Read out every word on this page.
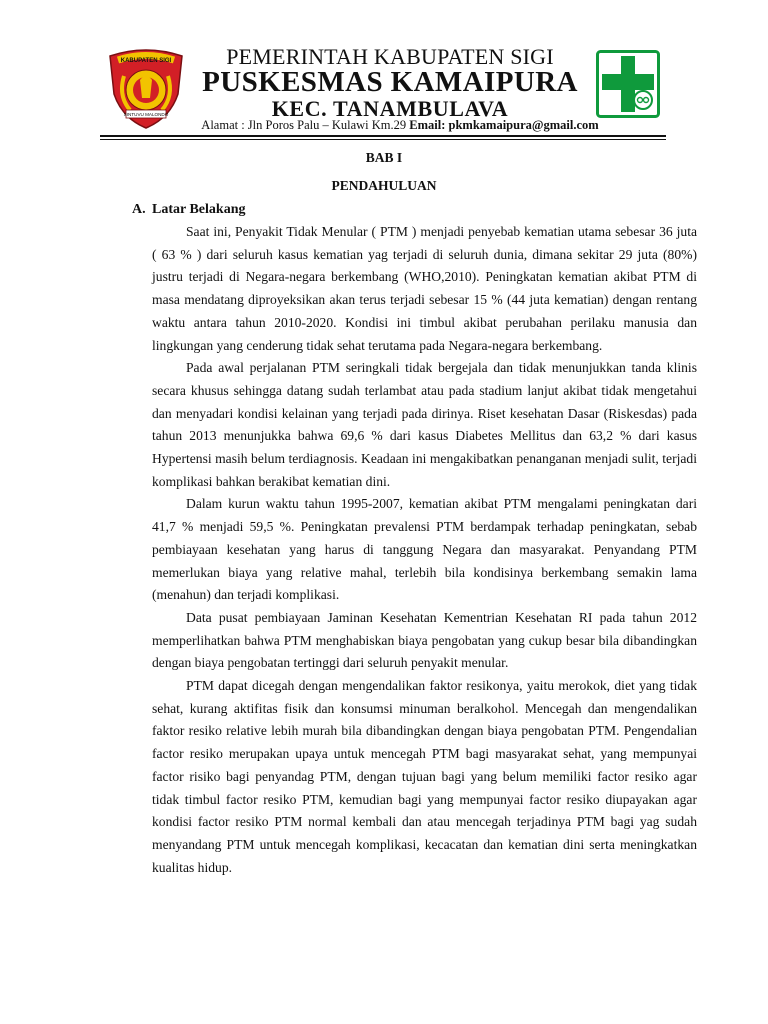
KABUPATEN SIGI
SINTUVU MALONDO
PEMERINTAH KABUPATEN SIGI
PUSKESMAS KAMAIPURA
KEC. TANAMBULAVA
Alamat : Jln Poros Palu – Kulawi Km.29 Email: pkmkamaipura@gmail.com
BAB I
PENDAHULUAN
A. Latar Belakang

Saat ini, Penyakit Tidak Menular ( PTM ) menjadi penyebab kematian utama sebesar 36 juta ( 63 % ) dari seluruh kasus kematian yag terjadi di seluruh dunia, dimana sekitar 29 juta (80%) justru terjadi di Negara-negara berkembang (WHO,2010). Peningkatan kematian akibat PTM di masa mendatang diproyeksikan akan terus terjadi sebesar 15 % (44 juta kematian) dengan rentang waktu antara tahun 2010-2020. Kondisi ini timbul akibat perubahan perilaku manusia dan lingkungan yang cenderung tidak sehat terutama pada Negara-negara berkembang.

Pada awal perjalanan PTM seringkali tidak bergejala dan tidak menunjukkan tanda klinis secara khusus sehingga datang sudah terlambat atau pada stadium lanjut akibat tidak mengetahui dan menyadari kondisi kelainan yang terjadi pada dirinya. Riset kesehatan Dasar (Riskesdas) pada tahun 2013 menunjukka bahwa 69,6 % dari kasus Diabetes Mellitus dan 63,2 % dari kasus Hypertensi masih belum terdiagnosis. Keadaan ini mengakibatkan penanganan menjadi sulit, terjadi komplikasi bahkan berakibat kematian dini.

Dalam kurun waktu tahun 1995-2007, kematian akibat PTM mengalami peningkatan dari 41,7 % menjadi 59,5 %. Peningkatan prevalensi PTM berdampak terhadap peningkatan, sebab pembiayaan kesehatan yang harus di tanggung Negara dan masyarakat. Penyandang PTM memerlukan biaya yang relative mahal, terlebih bila kondisinya berkembang semakin lama (menahun) dan terjadi komplikasi.

Data pusat pembiayaan Jaminan Kesehatan Kementrian Kesehatan RI pada tahun 2012 memperlihatkan bahwa PTM menghabiskan biaya pengobatan yang cukup besar bila dibandingkan dengan biaya pengobatan tertinggi dari seluruh penyakit menular.

PTM dapat dicegah dengan mengendalikan faktor resikonya, yaitu merokok, diet yang tidak sehat, kurang aktifitas fisik dan konsumsi minuman beralkohol. Mencegah dan mengendalikan faktor resiko relative lebih murah bila dibandingkan dengan biaya pengobatan PTM. Pengendalian factor resiko merupakan upaya untuk mencegah PTM bagi masyarakat sehat, yang mempunyai factor risiko bagi penyandag PTM, dengan tujuan bagi yang belum memiliki factor resiko agar tidak timbul factor resiko PTM, kemudian bagi yang mempunyai factor resiko diupayakan agar kondisi factor resiko PTM normal kembali dan atau mencegah terjadinya PTM bagi yag sudah menyandang PTM untuk mencegah komplikasi, kecacatan dan kematian dini serta meningkatkan kualitas hidup.
